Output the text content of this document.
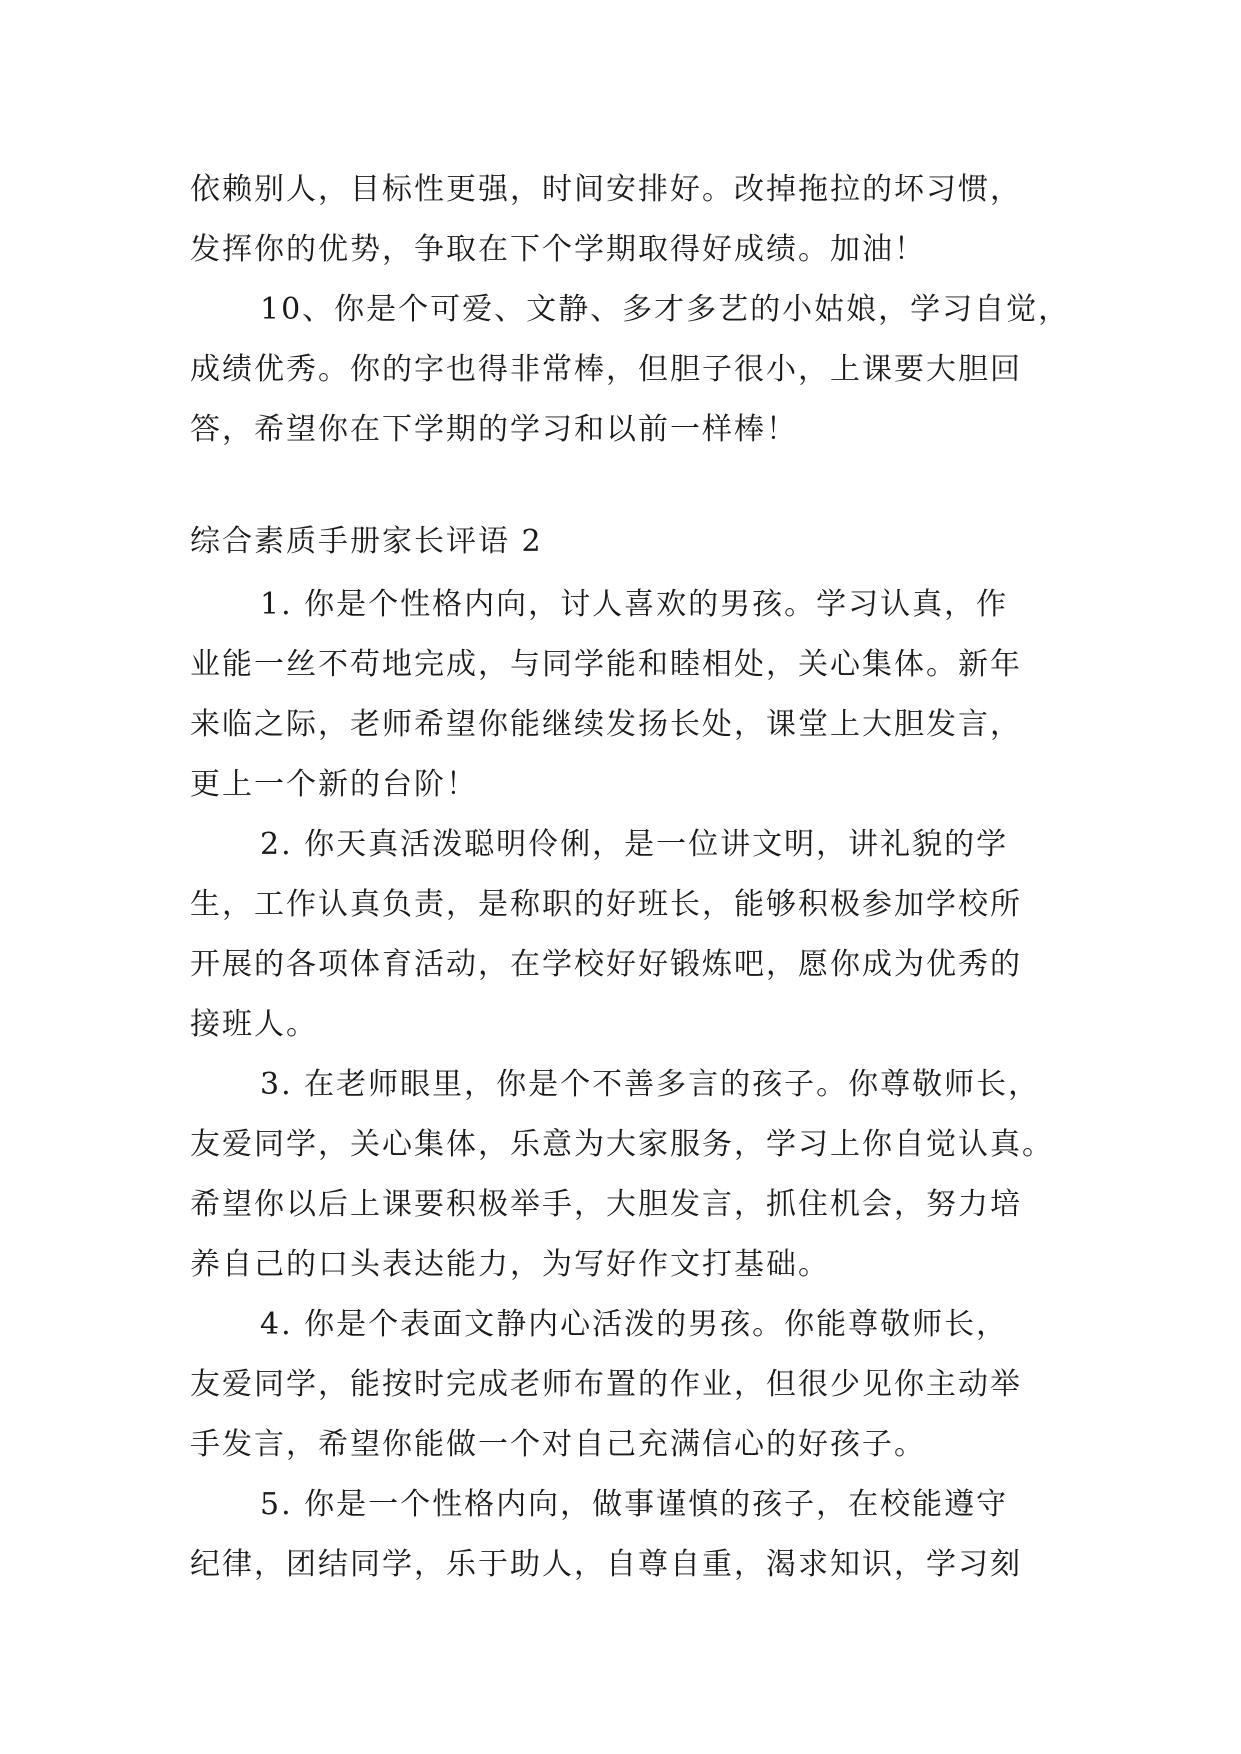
依赖别人，目标性更强，时间安排好。改掉拖拉的坏习惯，

发挥你的优势，争取在下个学期取得好成绩。加油！

10、你是个可爱、文静、多才多艺的小姑娘，学习自觉，

成绩优秀。你的字也得非常棒，但胆子很小，上课要大胆回

答，希望你在下学期的学习和以前一样棒！

综合素质手册家长评语 2

1. 你是个性格内向，讨人喜欢的男孩。学习认真，作

业能一丝不苟地完成，与同学能和睦相处，关心集体。新年

来临之际，老师希望你能继续发扬长处，课堂上大胆发言，

更上一个新的台阶！

2. 你天真活泼聪明伶俐，是一位讲文明，讲礼貌的学

生，工作认真负责，是称职的好班长，能够积极参加学校所

开展的各项体育活动，在学校好好锻炼吧，愿你成为优秀的

接班人。

3. 在老师眼里，你是个不善多言的孩子。你尊敬师长，

友爱同学，关心集体，乐意为大家服务，学习上你自觉认真。

希望你以后上课要积极举手，大胆发言，抓住机会，努力培

养自己的口头表达能力，为写好作文打基础。

4. 你是个表面文静内心活泼的男孩。你能尊敬师长，

友爱同学，能按时完成老师布置的作业，但很少见你主动举

手发言，希望你能做一个对自己充满信心的好孩子。

5. 你是一个性格内向，做事谨慎的孩子，在校能遵守

纪律，团结同学，乐于助人，自尊自重，渴求知识，学习刻
